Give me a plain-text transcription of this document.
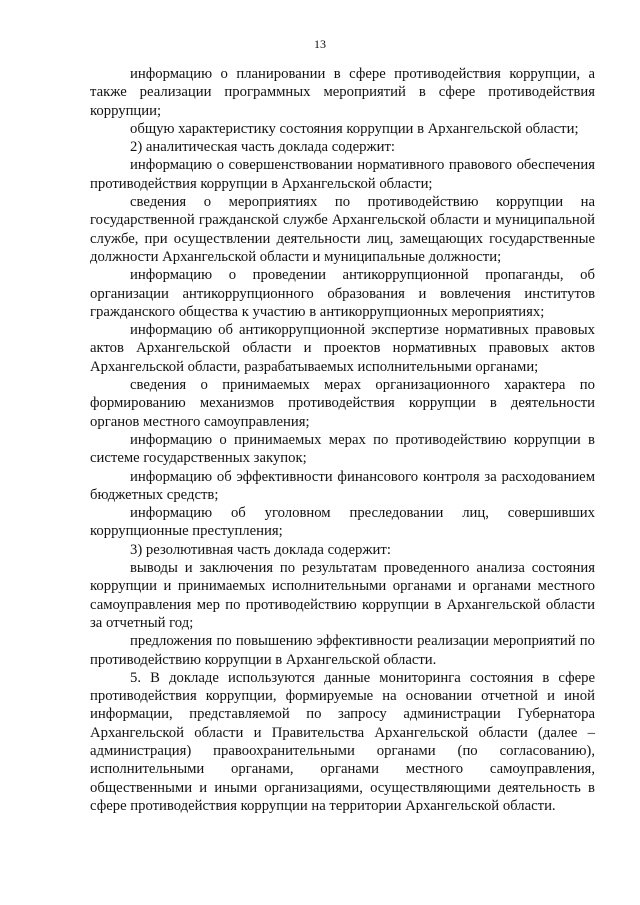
13

информацию о планировании в сфере противодействия коррупции, а также реализации программных мероприятий в сфере противодействия коррупции;

общую характеристику состояния коррупции в Архангельской области;

2) аналитическая часть доклада содержит:

информацию о совершенствовании нормативного правового обеспечения противодействия коррупции в Архангельской области;

сведения о мероприятиях по противодействию коррупции на государственной гражданской службе Архангельской области и муниципальной службе, при осуществлении деятельности лиц, замещающих государственные должности Архангельской области и муниципальные должности;

информацию о проведении антикоррупционной пропаганды, об организации антикоррупционного образования и вовлечения институтов гражданского общества к участию в антикоррупционных мероприятиях;

информацию об антикоррупционной экспертизе нормативных правовых актов Архангельской области и проектов нормативных правовых актов Архангельской области, разрабатываемых исполнительными органами;

сведения о принимаемых мерах организационного характера по формированию механизмов противодействия коррупции в деятельности органов местного самоуправления;

информацию о принимаемых мерах по противодействию коррупции в системе государственных закупок;

информацию об эффективности финансового контроля за расходованием бюджетных средств;

информацию об уголовном преследовании лиц, совершивших коррупционные преступления;

3) резолютивная часть доклада содержит:

выводы и заключения по результатам проведенного анализа состояния коррупции и принимаемых исполнительными органами и органами местного самоуправления мер по противодействию коррупции в Архангельской области за отчетный год;

предложения по повышению эффективности реализации мероприятий по противодействию коррупции в Архангельской области.

5. В докладе используются данные мониторинга состояния в сфере противодействия коррупции, формируемые на основании отчетной и иной информации, представляемой по запросу администрации Губернатора Архангельской области и Правительства Архангельской области (далее – администрация) правоохранительными органами (по согласованию), исполнительными органами, органами местного самоуправления, общественными и иными организациями, осуществляющими деятельность в сфере противодействия коррупции на территории Архангельской области.
